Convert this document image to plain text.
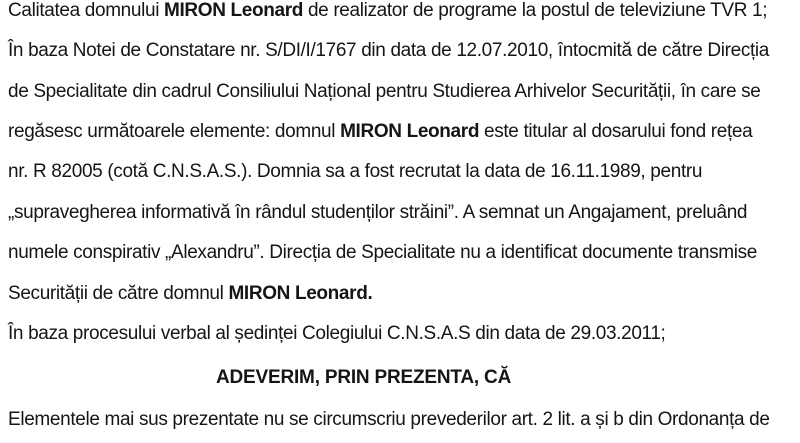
Calitatea domnului MIRON Leonard de realizator de programe la postul de televiziune TVR 1;
În baza Notei de Constatare nr. S/DI/I/1767 din data de 12.07.2010, întocmită de către Direcția
de Specialitate din cadrul Consiliului Național pentru Studierea Arhivelor Securității, în care se
regăsesc următoarele elemente: domnul MIRON Leonard este titular al dosarului fond rețea
nr. R 82005 (cotă C.N.S.A.S.). Domnia sa a fost recrutat la data de 16.11.1989, pentru
„supravegherea informativă în rândul studenților străini”. A semnat un Angajament, preluând
numele conspirativ „Alexandru”. Direcția de Specialitate nu a identificat documente transmise
Securității de către domnul MIRON Leonard.
În baza procesului verbal al ședinței Colegiului C.N.S.A.S din data de 29.03.2011;
ADEVERIM, PRIN PREZENTA, CĂ
Elementele mai sus prezentate nu se circumscriu prevederilor art. 2 lit. a și b din Ordonanța de
